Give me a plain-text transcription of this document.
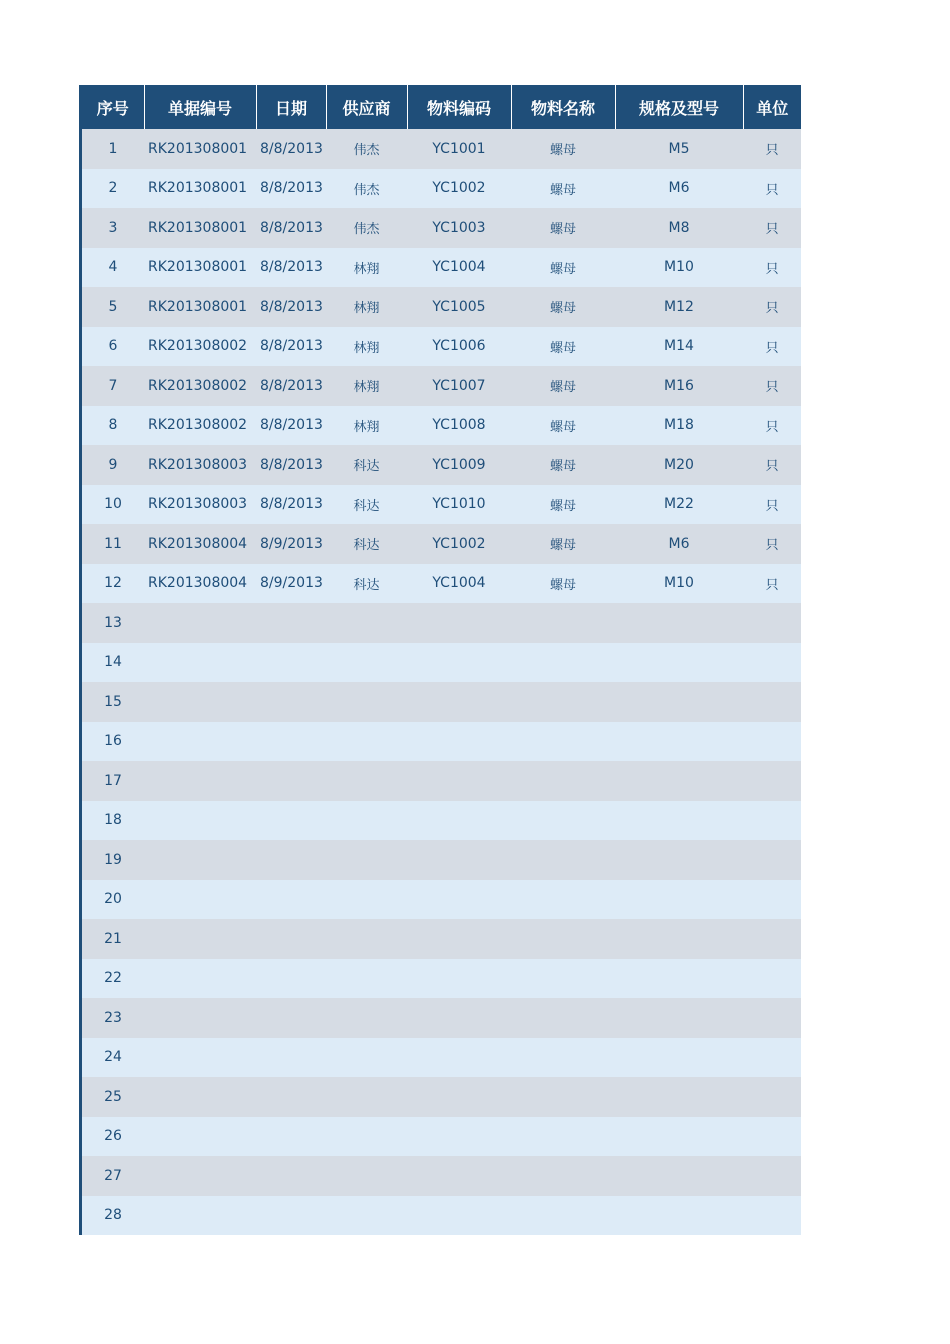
序号	单据编号	日期	供应商	物料编码	物料名称	规格及型号	单位
1	RK201308001	8/8/2013	伟杰	YC1001	螺母	M5	只
2	RK201308001	8/8/2013	伟杰	YC1002	螺母	M6	只
3	RK201308001	8/8/2013	伟杰	YC1003	螺母	M8	只
4	RK201308001	8/8/2013	林翔	YC1004	螺母	M10	只
5	RK201308001	8/8/2013	林翔	YC1005	螺母	M12	只
6	RK201308002	8/8/2013	林翔	YC1006	螺母	M14	只
7	RK201308002	8/8/2013	林翔	YC1007	螺母	M16	只
8	RK201308002	8/8/2013	林翔	YC1008	螺母	M18	只
9	RK201308003	8/8/2013	科达	YC1009	螺母	M20	只
10	RK201308003	8/8/2013	科达	YC1010	螺母	M22	只
11	RK201308004	8/9/2013	科达	YC1002	螺母	M6	只
12	RK201308004	8/9/2013	科达	YC1004	螺母	M10	只
13							
14							
15							
16							
17							
18							
19							
20							
21							
22							
23							
24							
25							
26							
27							
28							
